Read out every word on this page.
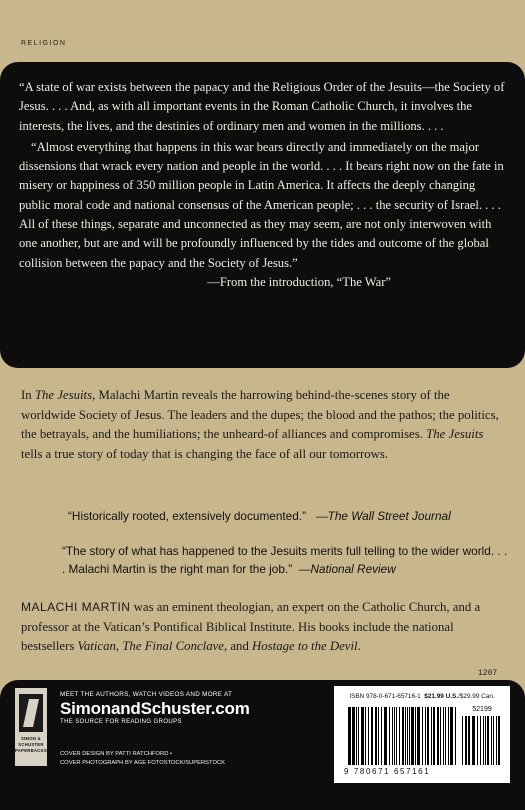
RELIGION

“A state of war exists between the papacy and the Religious Order of the Jesuits—the Society of Jesus. . . . And, as with all important events in the Roman Catholic Church, it involves the interests, the lives, and the destinies of ordinary men and women in the millions. . . .

“Almost everything that happens in this war bears directly and immediately on the major dissensions that wrack every nation and people in the world. . . . It bears right now on the fate in misery or happiness of 350 million people in Latin America. It affects the deeply changing public moral code and national consensus of the American people; . . . the security of Israel. . . . All of these things, separate and unconnected as they may seem, are not only interwoven with one another, but are and will be profoundly influenced by the tides and outcome of the global collision between the papacy and the Society of Jesus.”

—From the introduction, “The War”

In The Jesuits, Malachi Martin reveals the harrowing behind-the-scenes story of the worldwide Society of Jesus. The leaders and the dupes; the blood and the pathos; the politics, the betrayals, and the humiliations; the unheard-of alliances and compromises. The Jesuits tells a true story of today that is changing the face of all our tomorrows.

“Historically rooted, extensively documented.” —The Wall Street Journal
“The story of what has happened to the Jesuits merits full telling to the wider world. . . . Malachi Martin is the right man for the job.” —National Review
MALACHI MARTIN was an eminent theologian, an expert on the Catholic Church, and a professor at the Vatican’s Pontifical Biblical Institute. His books include the national bestsellers Vatican, The Final Conclave, and Hostage to the Devil.
1207
SIMON & SCHUSTER PAPERBACKS
MEET THE AUTHORS, WATCH VIDEOS AND MORE AT
SimonandSchuster.com
THE SOURCE FOR READING GROUPS
COVER DESIGN BY PATTI RATCHFORD •
COVER PHOTOGRAPH BY AGE FOTOSTOCK/SUPERSTOCK
ISBN 978-0-671-65716-1 $21.99 U.S./$29.99 Can.
52199
9 780671 657161
